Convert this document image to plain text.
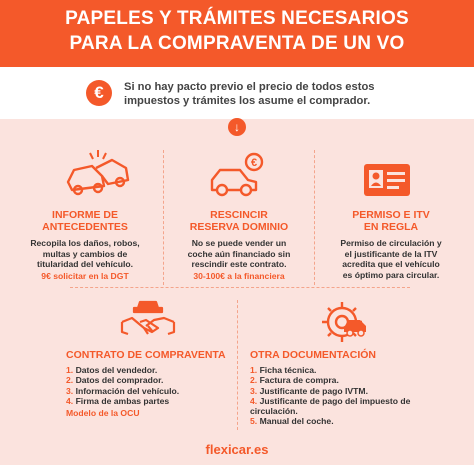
PAPELES Y TRÁMITES NECESARIOS
PARA LA COMPRAVENTA DE UN VO
€	Si no hay pacto previo el precio de todos estos impuestos y trámites los asume el comprador.
↓
€
INFORME DE
ANTECEDENTES
Recopila los daños, robos,
multas y cambios de
titularidad del vehículo.
9€ solicitar en la DGT
RESCINCIR
RESERVA DOMINIO
No se puede vender un
coche aún financiado sin
rescindir este contrato.
30-100€ a la financiera
PERMISO E ITV
EN REGLA
Permiso de circulación y
el justificante de la ITV
acredita que el vehículo
es óptimo para circular.
CONTRATO DE COMPRAVENTA
1. Datos del vendedor.
2. Datos del comprador.
3. Información del vehículo.
4. Firma de ambas partes
Modelo de la OCU
OTRA DOCUMENTACIÓN
1. Ficha técnica.
2. Factura de compra.
3. Justificante de pago IVTM.
4. Justificante de pago del impuesto de circulación.
5. Manual del coche.
flexicar.es
